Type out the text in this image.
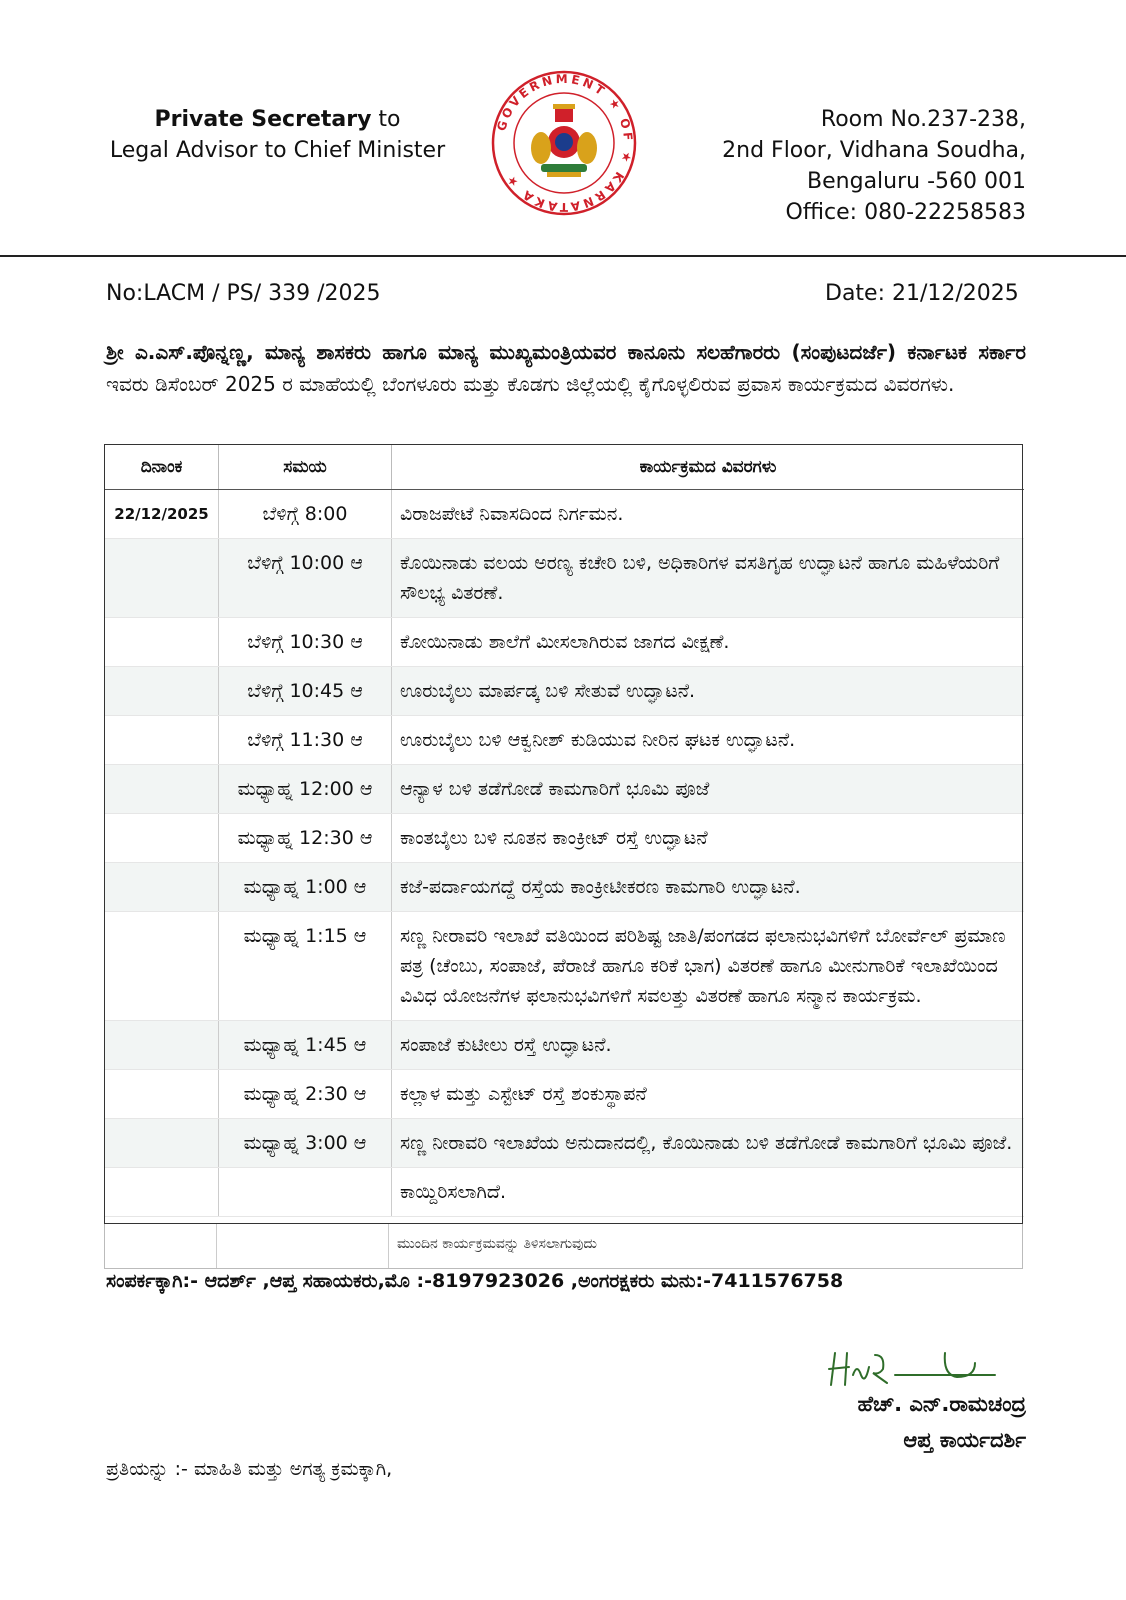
Private Secretary to
Legal Advisor to Chief Minister
GOVERNMENT ★ OF ★ KARNATAKA ★
Room No.237-238,
2nd Floor, Vidhana Soudha,
Bengaluru -560 001
Office: 080-22258583
No:LACM / PS/ 339 /2025	Date: 21/12/2025
ಶ್ರೀ ಎ.ಎಸ್.ಪೊನ್ನಣ್ಣ, ಮಾನ್ಯ ಶಾಸಕರು ಹಾಗೂ ಮಾನ್ಯ ಮುಖ್ಯಮಂತ್ರಿಯವರ ಕಾನೂನು ಸಲಹೆಗಾರರು (ಸಂಪುಟದರ್ಜೆ) ಕರ್ನಾಟಕ ಸರ್ಕಾರ ಇವರು ಡಿಸೆಂಬರ್ 2025 ರ ಮಾಹೆಯಲ್ಲಿ ಬೆಂಗಳೂರು ಮತ್ತು ಕೊಡಗು ಜಿಲ್ಲೆಯಲ್ಲಿ ಕೈಗೊಳ್ಳಲಿರುವ ಪ್ರವಾಸ ಕಾರ್ಯಕ್ರಮದ ವಿವರಗಳು.
ದಿನಾಂಕ	ಸಮಯ	ಕಾರ್ಯಕ್ರಮದ ವಿವರಗಳು
22/12/2025	ಬೆಳಿಗ್ಗೆ 8:00	ವಿರಾಜಪೇಟೆ ನಿವಾಸದಿಂದ ನಿರ್ಗಮನ.
	ಬೆಳಿಗ್ಗೆ 10:00 ಆ	ಕೊಯಿನಾಡು ವಲಯ ಅರಣ್ಯ ಕಚೇರಿ ಬಳಿ, ಅಧಿಕಾರಿಗಳ ವಸತಿಗೃಹ ಉದ್ಘಾಟನೆ ಹಾಗೂ ಮಹಿಳೆಯರಿಗೆ ಸೌಲಭ್ಯ ವಿತರಣೆ.
	ಬೆಳಿಗ್ಗೆ 10:30 ಆ	ಕೋಯಿನಾಡು ಶಾಲೆಗೆ ಮೀಸಲಾಗಿರುವ ಜಾಗದ ವೀಕ್ಷಣೆ.
	ಬೆಳಿಗ್ಗೆ 10:45 ಆ	ಊರುಬೈಲು ಮಾರ್ಪಡ್ಕ ಬಳಿ ಸೇತುವೆ ಉದ್ಘಾಟನೆ.
	ಬೆಳಿಗ್ಗೆ 11:30 ಆ	ಊರುಬೈಲು ಬಳಿ ಆಕ್ವನೀಶ್ ಕುಡಿಯುವ ನೀರಿನ ಘಟಕ ಉದ್ಘಾಟನೆ.
	ಮಧ್ಯಾಹ್ನ 12:00 ಆ	ಆನ್ಯಾಳ ಬಳಿ ತಡೆಗೋಡೆ ಕಾಮಗಾರಿಗೆ ಭೂಮಿ ಪೂಜೆ
	ಮಧ್ಯಾಹ್ನ 12:30 ಆ	ಕಾಂತಬೈಲು ಬಳಿ ನೂತನ ಕಾಂಕ್ರೀಟ್ ರಸ್ತೆ ಉದ್ಘಾಟನೆ
	ಮಧ್ಯಾಹ್ನ 1:00 ಆ	ಕಜೆ-ಪರ್ದಾಯಗದ್ದೆ ರಸ್ತೆಯ ಕಾಂಕ್ರೀಟೀಕರಣ ಕಾಮಗಾರಿ ಉದ್ಘಾಟನೆ.
	ಮಧ್ಯಾಹ್ನ 1:15 ಆ	ಸಣ್ಣ ನೀರಾವರಿ ಇಲಾಖೆ ವತಿಯಿಂದ ಪರಿಶಿಷ್ಟ ಜಾತಿ/ಪಂಗಡದ ಫಲಾನುಭವಿಗಳಿಗೆ ಬೋರ್ವೆಲ್ ಪ್ರಮಾಣ ಪತ್ರ (ಚೆಂಬು, ಸಂಪಾಜೆ, ಪೆರಾಜೆ ಹಾಗೂ ಕರಿಕೆ ಭಾಗ) ವಿತರಣೆ ಹಾಗೂ ಮೀನುಗಾರಿಕೆ ಇಲಾಖೆಯಿಂದ ವಿವಿಧ ಯೋಜನೆಗಳ ಫಲಾನುಭವಿಗಳಿಗೆ ಸವಲತ್ತು ವಿತರಣೆ ಹಾಗೂ ಸನ್ಮಾನ ಕಾರ್ಯಕ್ರಮ.
	ಮಧ್ಯಾಹ್ನ 1:45 ಆ	ಸಂಪಾಜೆ ಕುಟೀಲು ರಸ್ತೆ ಉದ್ಘಾಟನೆ.
	ಮಧ್ಯಾಹ್ನ 2:30 ಆ	ಕಲ್ಲಾಳ ಮತ್ತು ಎಸ್ಟೇಟ್ ರಸ್ತೆ ಶಂಕುಸ್ಥಾಪನೆ
	ಮಧ್ಯಾಹ್ನ 3:00 ಆ	ಸಣ್ಣ ನೀರಾವರಿ ಇಲಾಖೆಯ ಅನುದಾನದಲ್ಲಿ, ಕೊಯಿನಾಡು ಬಳಿ ತಡೆಗೋಡೆ ಕಾಮಗಾರಿಗೆ ಭೂಮಿ ಪೂಜೆ.
		ಕಾಯ್ದಿರಿಸಲಾಗಿದೆ.
ಮುಂದಿನ ಕಾರ್ಯಕ್ರಮವನ್ನು ತಿಳಿಸಲಾಗುವುದು
ಸಂಪರ್ಕಕ್ಕಾಗಿ:- ಆದರ್ಶ್ ,ಆಪ್ತ ಸಹಾಯಕರು,ಮೊ :-8197923026 ,ಅಂಗರಕ್ಷಕರು ಮನು:-7411576758
HNR
ಹೆಚ್. ಎನ್.ರಾಮಚಂದ್ರ
ಆಪ್ತ ಕಾರ್ಯದರ್ಶಿ
ಪ್ರತಿಯನ್ನು :- ಮಾಹಿತಿ ಮತ್ತು ಅಗತ್ಯ ಕ್ರಮಕ್ಕಾಗಿ,
